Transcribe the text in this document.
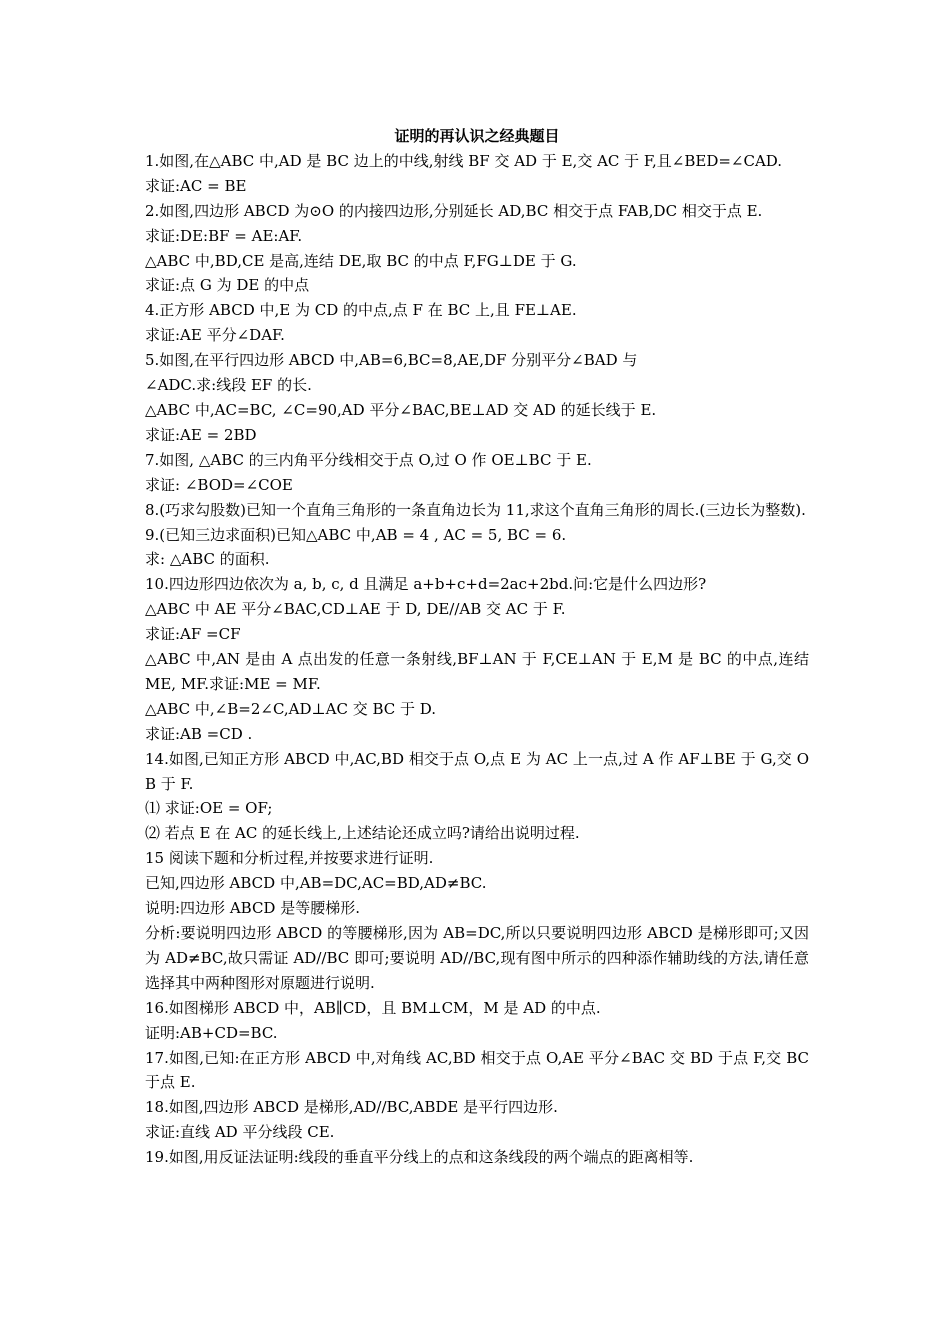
证明的再认识之经典题目
1.如图,在△ABC 中,AD 是 BC 边上的中线,射线 BF 交 AD 于 E,交 AC 于 F,且∠BED=∠CAD.
求证:AC = BE
2.如图,四边形 ABCD 为⊙O 的内接四边形,分别延长 AD,BC 相交于点 FAB,DC 相交于点 E.
求证:DE:BF = AE:AF.
△ABC 中,BD,CE 是高,连结 DE,取 BC 的中点 F,FG⊥DE 于 G.
求证:点 G 为 DE 的中点
4.正方形 ABCD 中,E 为 CD 的中点,点 F 在 BC 上,且 FE⊥AE.
求证:AE 平分∠DAF.
5.如图,在平行四边形 ABCD 中,AB=6,BC=8,AE,DF 分别平分∠BAD 与
∠ADC.求:线段 EF 的长.
△ABC 中,AC=BC, ∠C=90,AD 平分∠BAC,BE⊥AD 交 AD 的延长线于 E.
求证:AE = 2BD
7.如图, △ABC 的三内角平分线相交于点 O,过 O 作 OE⊥BC 于 E.
求证: ∠BOD=∠COE
8.(巧求勾股数)已知一个直角三角形的一条直角边长为 11,求这个直角三角形的周长.(三边长为整数).
9.(已知三边求面积)已知△ABC 中,AB = 4 , AC = 5, BC = 6.
求: △ABC 的面积.
10.四边形四边依次为 a, b, c, d 且满足 a+b+c+d=2ac+2bd.问:它是什么四边形?
△ABC 中 AE 平分∠BAC,CD⊥AE 于 D, DE//AB 交 AC 于 F.
求证:AF =CF
△ABC 中,AN 是由 A 点出发的任意一条射线,BF⊥AN 于 F,CE⊥AN 于 E,M 是 BC 的中点,连结 ME, MF.求证:ME = MF.
△ABC 中,∠B=2∠C,AD⊥AC 交 BC 于 D.
求证:AB =CD .
14.如图,已知正方形 ABCD 中,AC,BD 相交于点 O,点 E 为 AC 上一点,过 A 作 AF⊥BE 于 G,交 OB 于 F.
⑴ 求证:OE = OF;
⑵ 若点 E 在 AC 的延长线上,上述结论还成立吗?请给出说明过程.
15 阅读下题和分析过程,并按要求进行证明.
已知,四边形 ABCD 中,AB=DC,AC=BD,AD≠BC.
说明:四边形 ABCD 是等腰梯形.
分析:要说明四边形 ABCD 的等腰梯形,因为 AB=DC,所以只要说明四边形 ABCD 是梯形即可;又因为 AD≠BC,故只需证 AD//BC 即可;要说明 AD//BC,现有图中所示的四种添作辅助线的方法,请任意选择其中两种图形对原题进行说明.
16.如图梯形 ABCD 中，AB∥CD，且 BM⊥CM，M 是 AD 的中点.
证明:AB+CD=BC.
17.如图,已知:在正方形 ABCD 中,对角线 AC,BD 相交于点 O,AE 平分∠BAC 交 BD 于点 F,交 BC 于点 E.
18.如图,四边形 ABCD 是梯形,AD//BC,ABDE 是平行四边形.
求证:直线 AD 平分线段 CE.
19.如图,用反证法证明:线段的垂直平分线上的点和这条线段的两个端点的距离相等.
